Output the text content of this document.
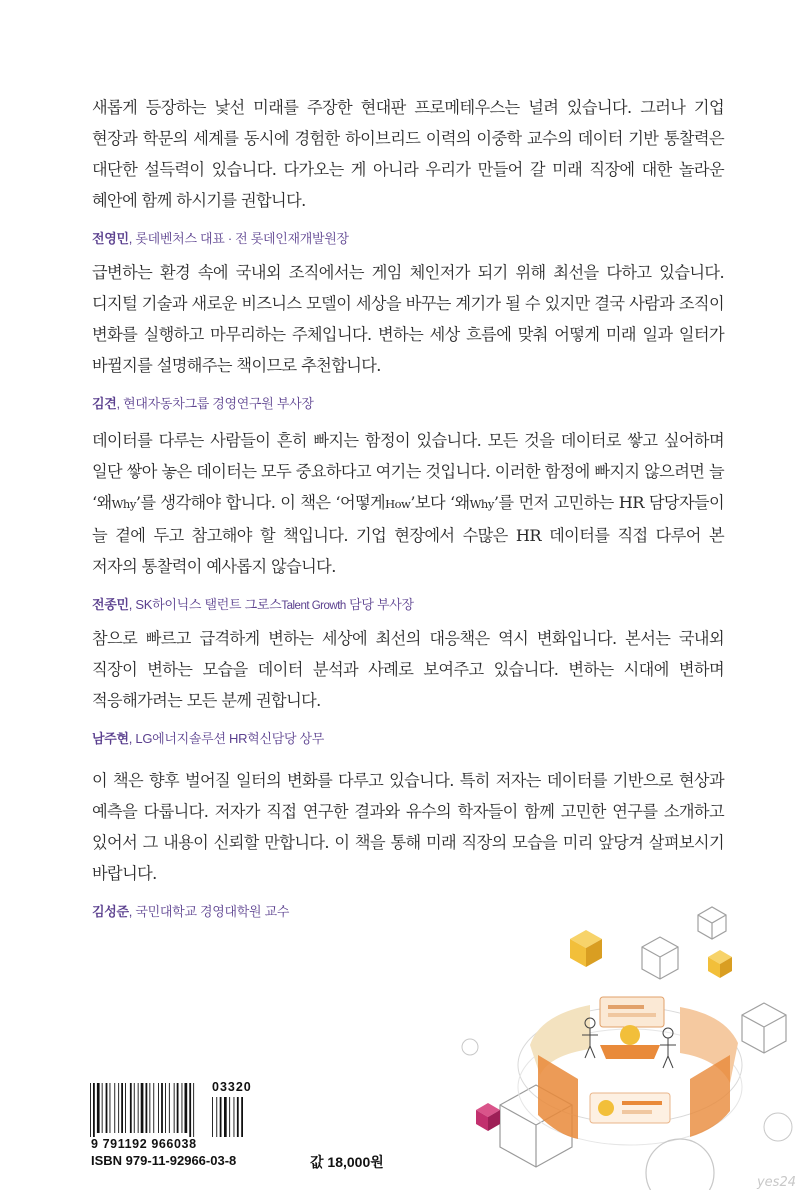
새롭게 등장하는 낯선 미래를 주장한 현대판 프로메테우스는 널려 있습니다. 그러나 기업 현장과 학문의 세계를 동시에 경험한 하이브리드 이력의 이중학 교수의 데이터 기반 통찰력은 대단한 설득력이 있습니다. 다가오는 게 아니라 우리가 만들어 갈 미래 직장에 대한 놀라운 혜안에 함께 하시기를 권합니다.

전영민, 롯데벤처스 대표 · 전 롯데인재개발원장

급변하는 환경 속에 국내외 조직에서는 게임 체인저가 되기 위해 최선을 다하고 있습니다. 디지털 기술과 새로운 비즈니스 모델이 세상을 바꾸는 계기가 될 수 있지만 결국 사람과 조직이 변화를 실행하고 마무리하는 주체입니다. 변하는 세상 흐름에 맞춰 어떻게 미래 일과 일터가 바뀔지를 설명해주는 책이므로 추천합니다.

김견, 현대자동차그룹 경영연구원 부사장

데이터를 다루는 사람들이 흔히 빠지는 함정이 있습니다. 모든 것을 데이터로 쌓고 싶어하며 일단 쌓아 놓은 데이터는 모두 중요하다고 여기는 것입니다. 이러한 함정에 빠지지 않으려면 늘 ‘왜Why’를 생각해야 합니다. 이 책은 ‘어떻게How’보다 ‘왜Why’를 먼저 고민하는 HR 담당자들이 늘 곁에 두고 참고해야 할 책입니다. 기업 현장에서 수많은 HR 데이터를 직접 다루어 본 저자의 통찰력이 예사롭지 않습니다.

전종민, SK하이닉스 탤런트 그로스Talent Growth 담당 부사장

참으로 빠르고 급격하게 변하는 세상에 최선의 대응책은 역시 변화입니다. 본서는 국내외 직장이 변하는 모습을 데이터 분석과 사례로 보여주고 있습니다. 변하는 시대에 변하며 적응해가려는 모든 분께 권합니다.

남주현, LG에너지솔루션 HR혁신담당 상무

이 책은 향후 벌어질 일터의 변화를 다루고 있습니다. 특히 저자는 데이터를 기반으로 현상과 예측을 다룹니다. 저자가 직접 연구한 결과와 유수의 학자들이 함께 고민한 연구를 소개하고 있어서 그 내용이 신뢰할 만합니다. 이 책을 통해 미래 직장의 모습을 미리 앞당겨 살펴보시기 바랍니다.

김성준, 국민대학교 경영대학원 교수
03320
9 791192 966038
ISBN 979-11-92966-03-8	값 18,000원
yes24
